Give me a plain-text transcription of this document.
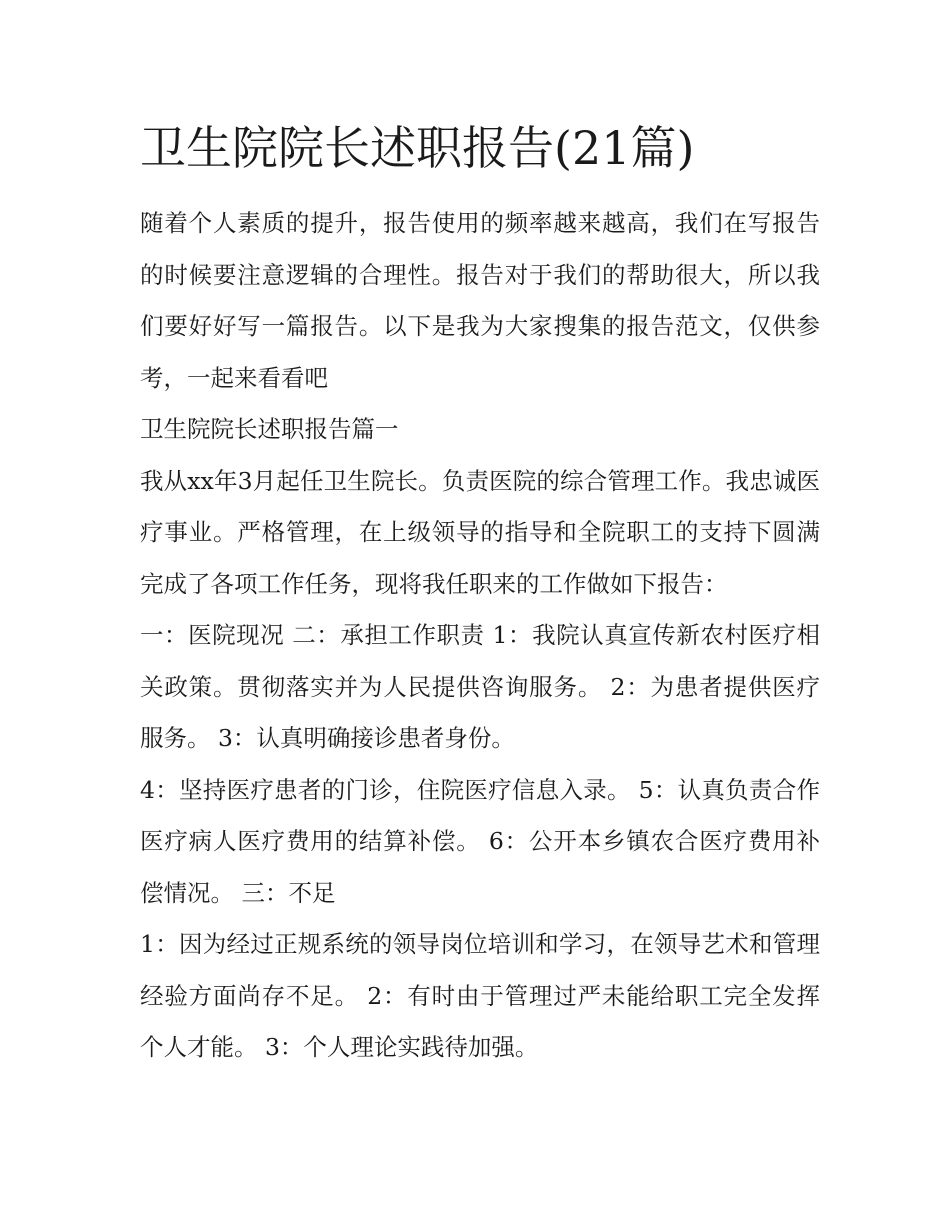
卫生院院长述职报告(21篇)

随着个人素质的提升，报告使用的频率越来越高，我们在写报告的时候要注意逻辑的合理性。报告对于我们的帮助很大，所以我们要好好写一篇报告。以下是我为大家搜集的报告范文，仅供参考，一起来看看吧

卫生院院长述职报告篇一

我从xx年3月起任卫生院长。负责医院的综合管理工作。我忠诚医疗事业。严格管理，在上级领导的指导和全院职工的支持下圆满完成了各项工作任务，现将我任职来的工作做如下报告：

一：医院现况 二：承担工作职责 1：我院认真宣传新农村医疗相关政策。贯彻落实并为人民提供咨询服务。 2：为患者提供医疗服务。 3：认真明确接诊患者身份。

4：坚持医疗患者的门诊，住院医疗信息入录。 5：认真负责合作医疗病人医疗费用的结算补偿。 6：公开本乡镇农合医疗费用补偿情况。 三：不足

1：因为经过正规系统的领导岗位培训和学习，在领导艺术和管理经验方面尚存不足。 2：有时由于管理过严未能给职工完全发挥个人才能。 3：个人理论实践待加强。
